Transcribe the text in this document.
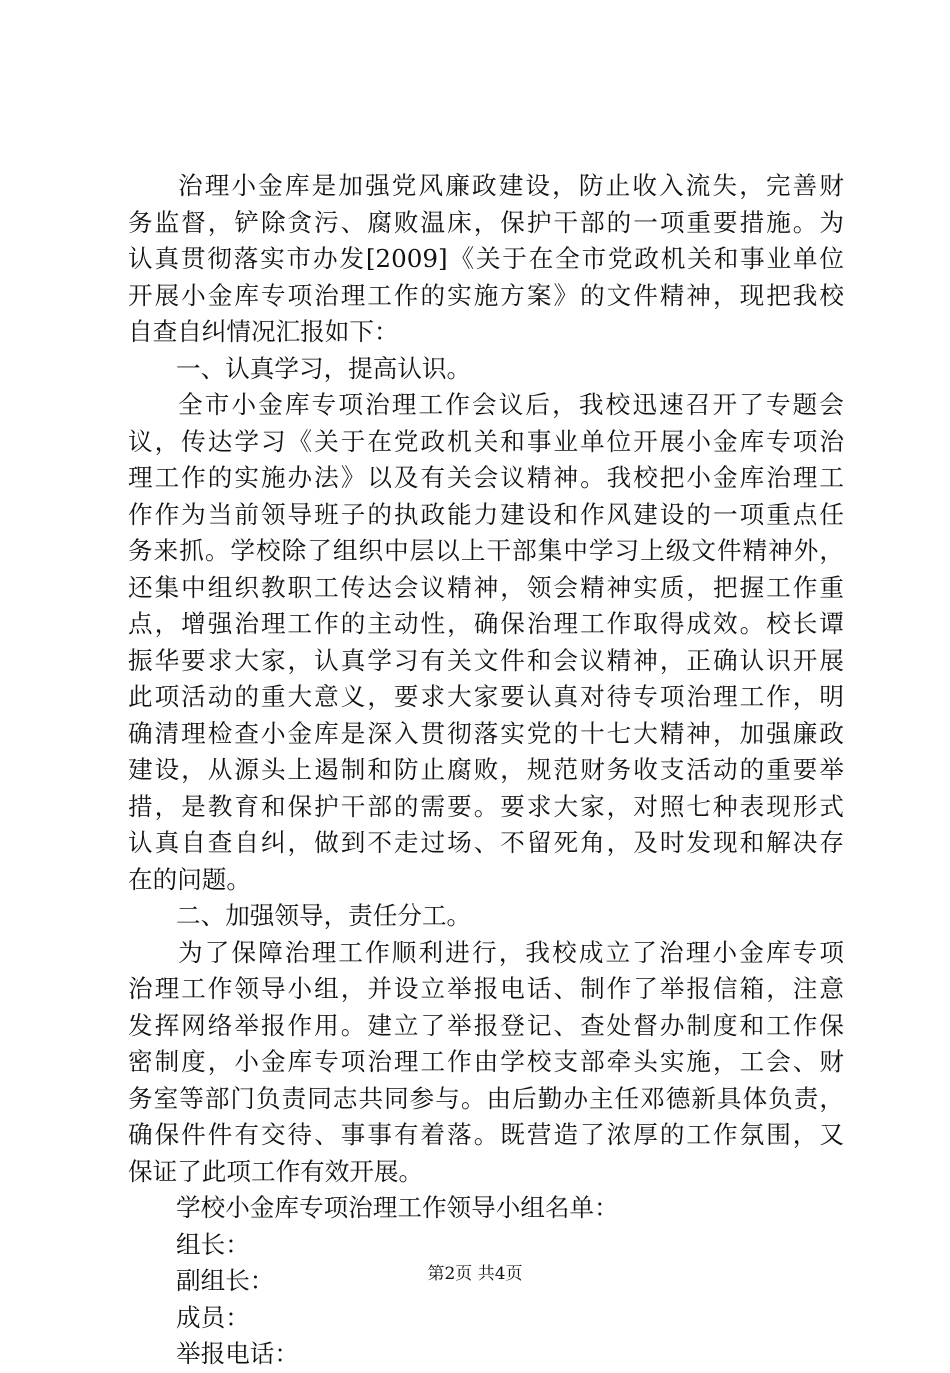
治理小金库是加强党风廉政建设，防止收入流失，完善财
务监督，铲除贪污、腐败温床，保护干部的一项重要措施。为
认真贯彻落实市办发[2009]《关于在全市党政机关和事业单位
开展小金库专项治理工作的实施方案》的文件精神，现把我校
自查自纠情况汇报如下：
一、认真学习，提高认识。
全市小金库专项治理工作会议后，我校迅速召开了专题会
议，传达学习《关于在党政机关和事业单位开展小金库专项治
理工作的实施办法》以及有关会议精神。我校把小金库治理工
作作为当前领导班子的执政能力建设和作风建设的一项重点任
务来抓。学校除了组织中层以上干部集中学习上级文件精神外，
还集中组织教职工传达会议精神，领会精神实质，把握工作重
点，增强治理工作的主动性，确保治理工作取得成效。校长谭
振华要求大家，认真学习有关文件和会议精神，正确认识开展
此项活动的重大意义，要求大家要认真对待专项治理工作，明
确清理检查小金库是深入贯彻落实党的十七大精神，加强廉政
建设，从源头上遏制和防止腐败，规范财务收支活动的重要举
措，是教育和保护干部的需要。要求大家，对照七种表现形式
认真自查自纠，做到不走过场、不留死角，及时发现和解决存
在的问题。
二、加强领导，责任分工。
为了保障治理工作顺利进行，我校成立了治理小金库专项
治理工作领导小组，并设立举报电话、制作了举报信箱，注意
发挥网络举报作用。建立了举报登记、查处督办制度和工作保
密制度，小金库专项治理工作由学校支部牵头实施，工会、财
务室等部门负责同志共同参与。由后勤办主任邓德新具体负责，
确保件件有交待、事事有着落。既营造了浓厚的工作氛围，又
保证了此项工作有效开展。
学校小金库专项治理工作领导小组名单：
组长：
副组长：
成员：
举报电话：
第2页 共4页
